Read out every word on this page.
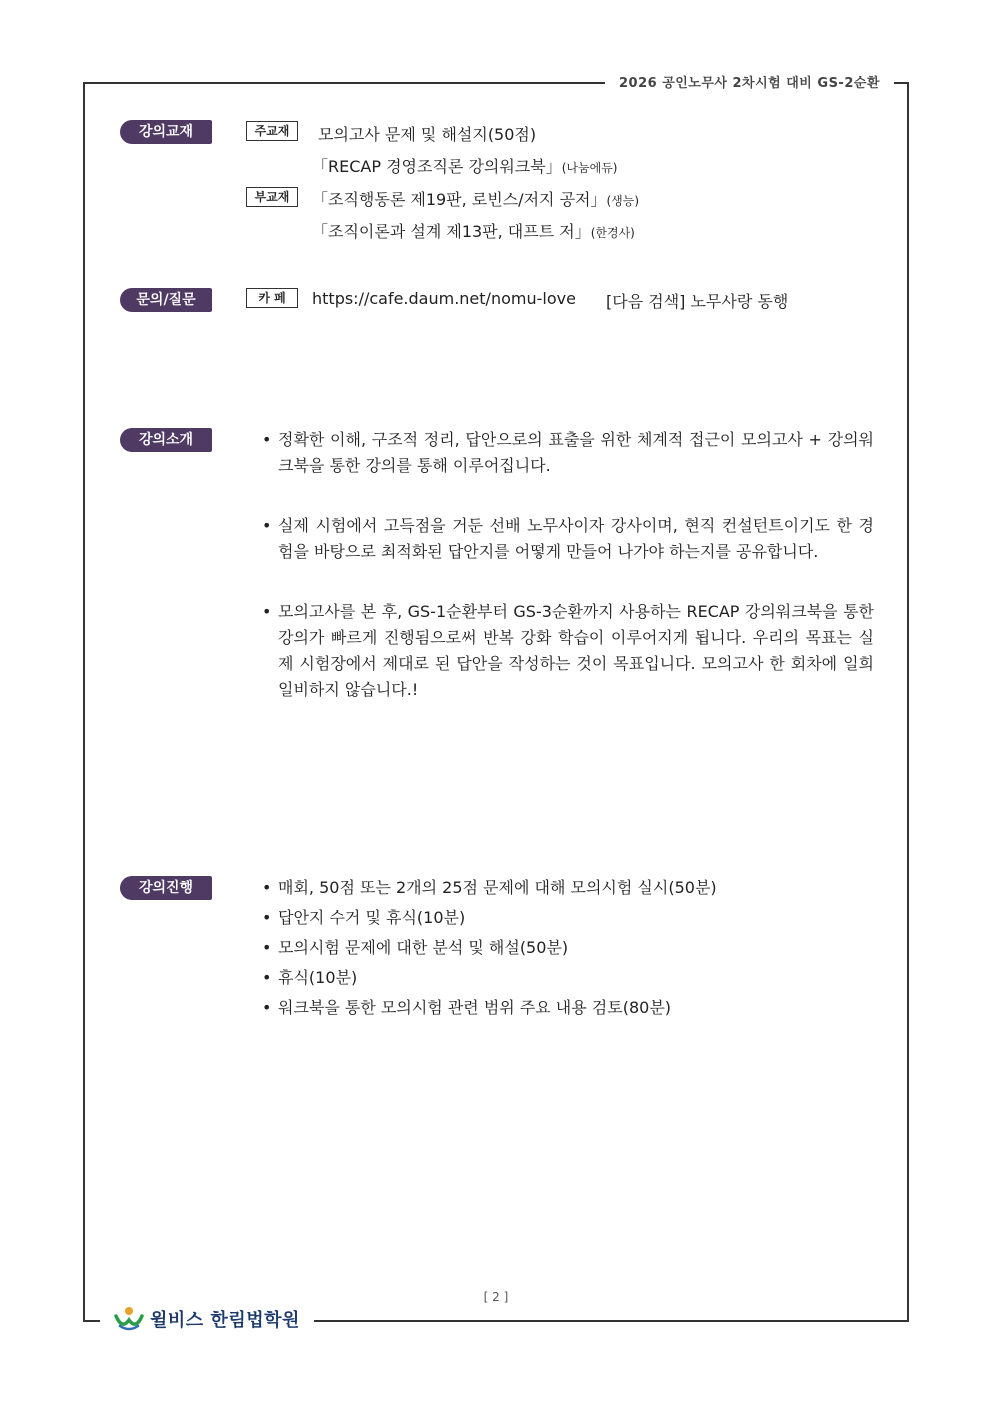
2026 공인노무사 2차시험 대비 GS-2순환
강의교재	주교재	모의고사 문제 및 해설지(50점)
「RECAP 경영조직론 강의워크북」(나눔에듀)
부교재	「조직행동론 제19판, 로빈스/저지 공저」(생능)
「조직이론과 설계 제13판, 대프트 저」(한경사)
문의/질문	카 페	https://cafe.daum.net/nomu-love [다음 검색] 노무사랑 동행
강의소개	• 정확한 이해, 구조적 정리, 답안으로의 표출을 위한 체계적 접근이 모의고사 + 강의워크북을 통한 강의를 통해 이루어집니다.
• 실제 시험에서 고득점을 거둔 선배 노무사이자 강사이며, 현직 컨설턴트이기도 한 경험을 바탕으로 최적화된 답안지를 어떻게 만들어 나가야 하는지를 공유합니다.
• 모의고사를 본 후, GS-1순환부터 GS-3순환까지 사용하는 RECAP 강의워크북을 통한 강의가 빠르게 진행됨으로써 반복 강화 학습이 이루어지게 됩니다. 우리의 목표는 실제 시험장에서 제대로 된 답안을 작성하는 것이 목표입니다. 모의고사 한 회차에 일희일비하지 않습니다.!
강의진행	• 매회, 50점 또는 2개의 25점 문제에 대해 모의시험 실시(50분)
• 답안지 수거 및 휴식(10분)
• 모의시험 문제에 대한 분석 및 해설(50분)
• 휴식(10분)
• 워크북을 통한 모의시험 관련 범위 주요 내용 검토(80분)
[ 2 ]
윌비스 한림법학원
